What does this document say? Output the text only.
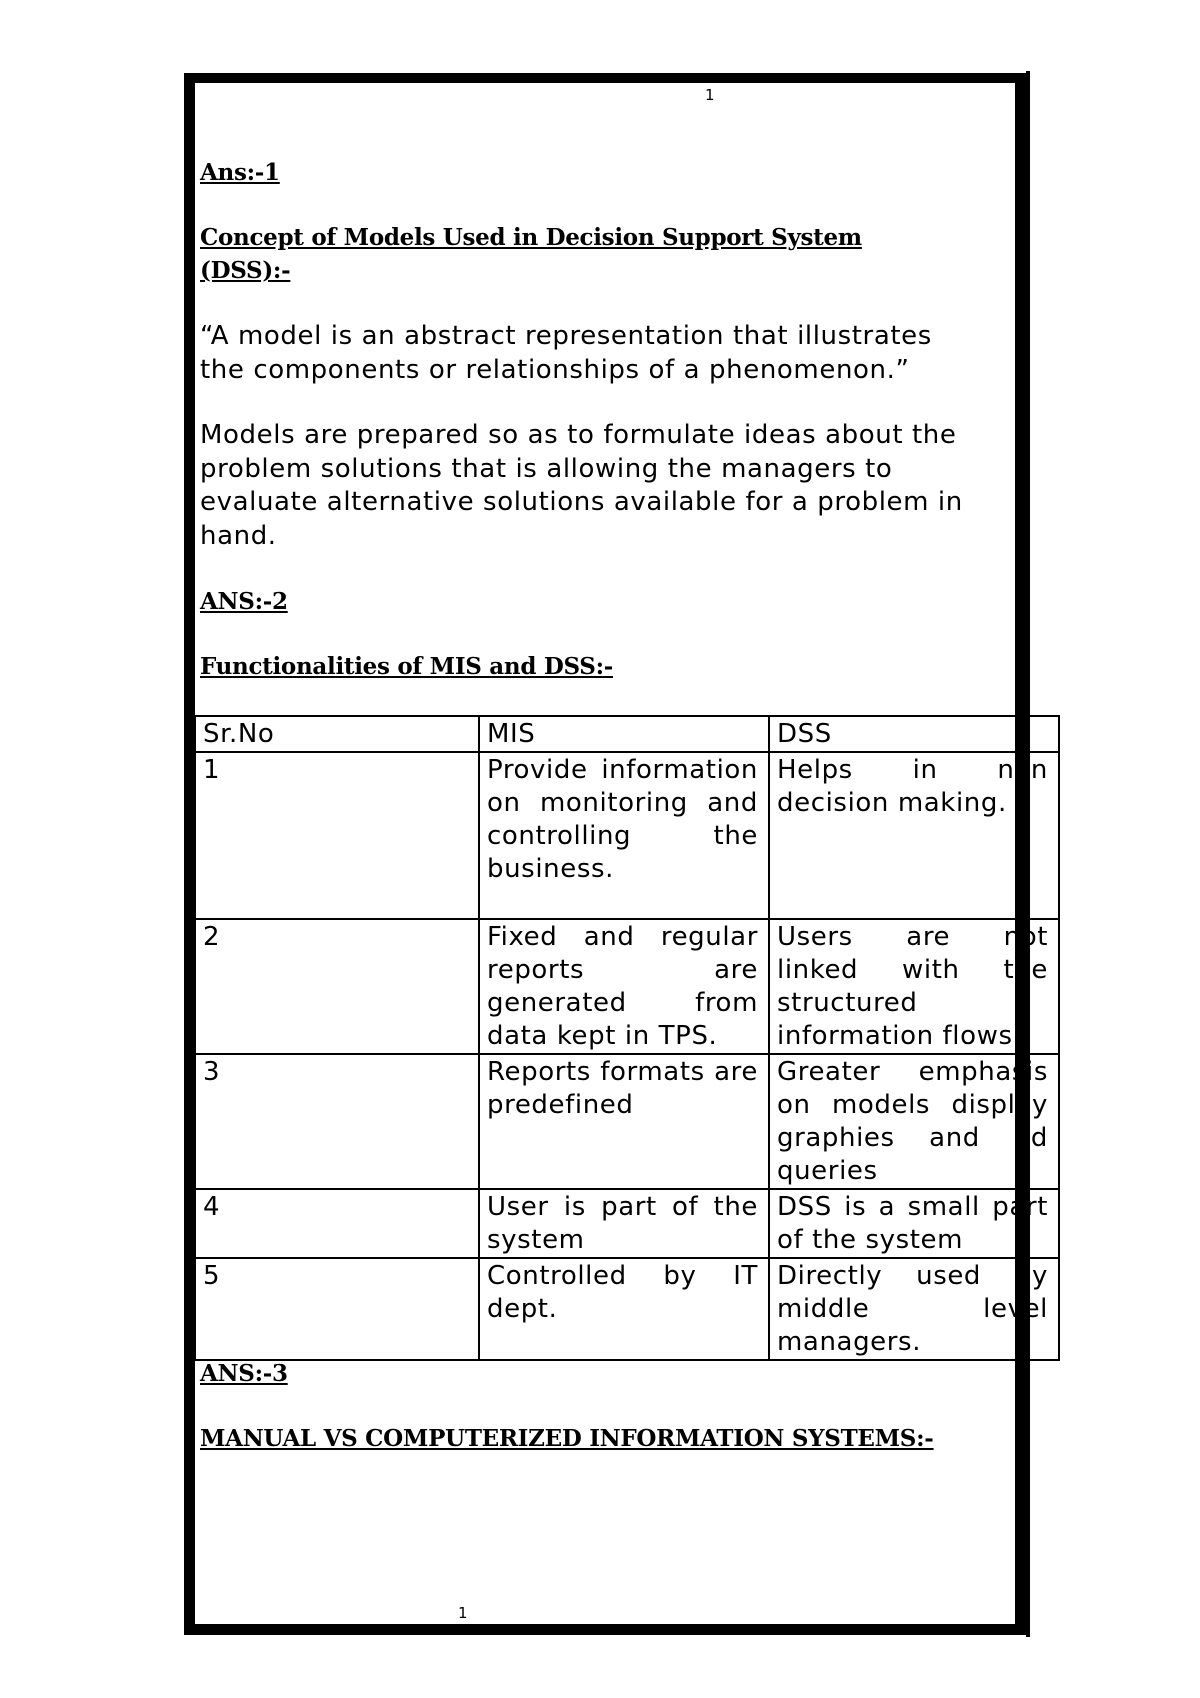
1
Ans:-1
Concept of Models Used in Decision Support System
(DSS):-

“A model is an abstract representation that illustrates the components or relationships of a phenomenon.”

Models are prepared so as to formulate ideas about the problem solutions that is allowing the managers to evaluate alternative solutions available for a problem in hand.

ANS:-2
Functionalities of MIS and DSS:-
Sr.No	MIS	DSS
1	Provide information on monitoring and controlling the business.	Helps in non decision making.
2	Fixed and regular reports are generated from data kept in TPS.	Users are not linked with the structured information flows
3	Reports formats are predefined	Greater emphasis on models display graphies and ad queries
4	User is part of the system	DSS is a small part of the system
5	Controlled by IT dept.	Directly used by middle level managers.
ANS:-3
MANUAL VS COMPUTERIZED INFORMATION SYSTEMS:-
1
